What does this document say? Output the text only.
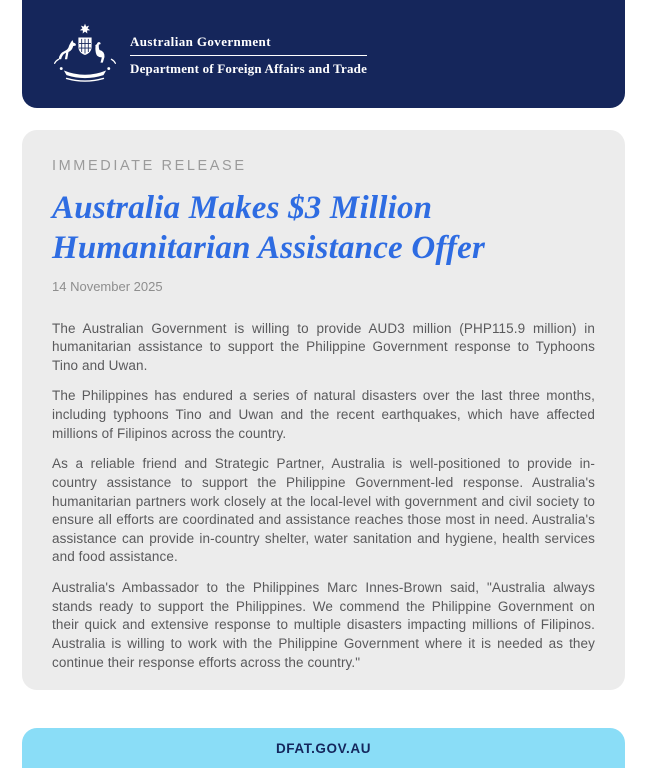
Australian Government
Department of Foreign Affairs and Trade
IMMEDIATE RELEASE
Australia Makes $3 Million Humanitarian Assistance Offer
14 November 2025

The Australian Government is willing to provide AUD3 million (PHP115.9 million) in humanitarian assistance to support the Philippine Government response to Typhoons Tino and Uwan.

The Philippines has endured a series of natural disasters over the last three months, including typhoons Tino and Uwan and the recent earthquakes, which have affected millions of Filipinos across the country.

As a reliable friend and Strategic Partner, Australia is well-positioned to provide in-country assistance to support the Philippine Government-led response. Australia's humanitarian partners work closely at the local-level with government and civil society to ensure all efforts are coordinated and assistance reaches those most in need. Australia's assistance can provide in-country shelter, water sanitation and hygiene, health services and food assistance.

Australia's Ambassador to the Philippines Marc Innes-Brown said, "Australia always stands ready to support the Philippines. We commend the Philippine Government on their quick and extensive response to multiple disasters impacting millions of Filipinos. Australia is willing to work with the Philippine Government where it is needed as they continue their response efforts across the country."

DFAT.GOV.AU
